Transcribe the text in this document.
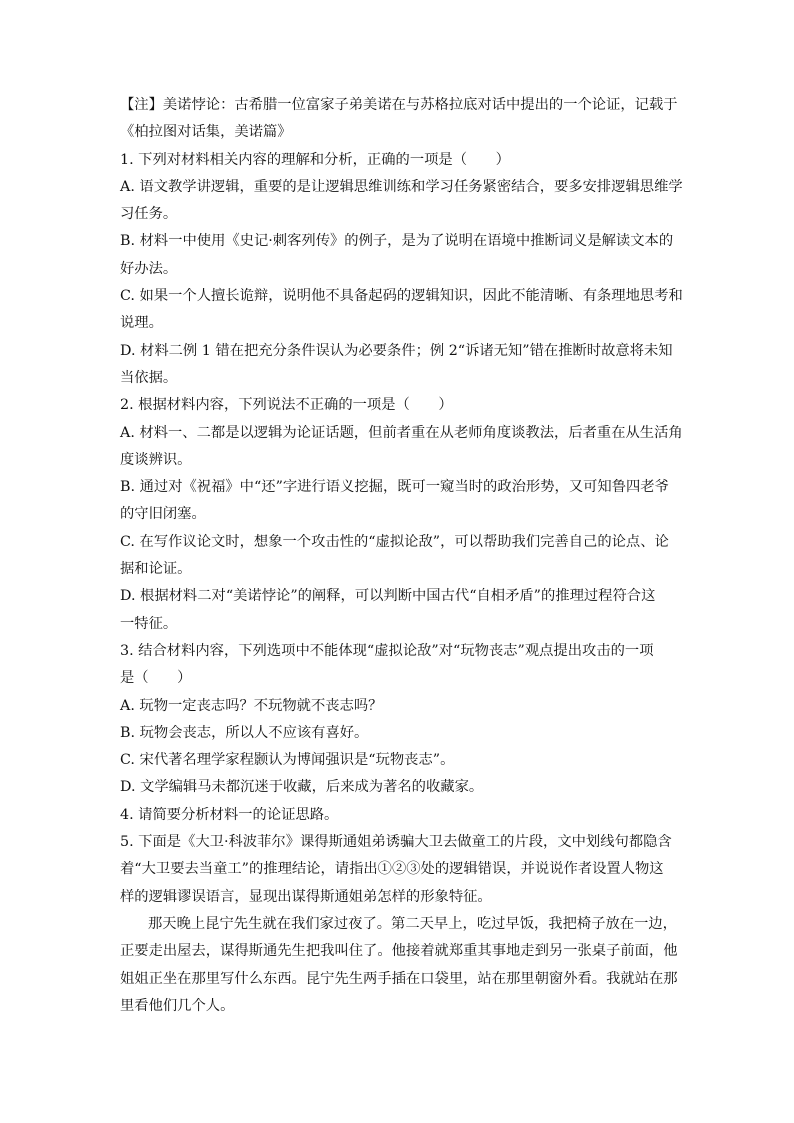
【注】美诺悖论：古希腊一位富家子弟美诺在与苏格拉底对话中提出的一个论证，记载于

《柏拉图对话集，美诺篇》

1. 下列对材料相关内容的理解和分析，正确的一项是（　　）

A. 语文教学讲逻辑，重要的是让逻辑思维训练和学习任务紧密结合，要多安排逻辑思维学

习任务。

B. 材料一中使用《史记·刺客列传》的例子，是为了说明在语境中推断词义是解读文本的

好办法。

C. 如果一个人擅长诡辩，说明他不具备起码的逻辑知识，因此不能清晰、有条理地思考和

说理。

D. 材料二例 1 错在把充分条件误认为必要条件；例 2“诉诸无知”错在推断时故意将未知

当依据。

2. 根据材料内容，下列说法不正确的一项是（　　）

A. 材料一、二都是以逻辑为论证话题，但前者重在从老师角度谈教法，后者重在从生活角

度谈辨识。

B. 通过对《祝福》中“还”字进行语义挖掘，既可一窥当时的政治形势，又可知鲁四老爷

的守旧闭塞。

C. 在写作议论文时，想象一个攻击性的“虚拟论敌”，可以帮助我们完善自己的论点、论

据和论证。

D. 根据材料二对“美诺悖论”的阐释，可以判断中国古代“自相矛盾”的推理过程符合这

一特征。

3. 结合材料内容，下列选项中不能体现“虚拟论敌”对“玩物丧志”观点提出攻击的一项

是（　　）

A. 玩物一定丧志吗？不玩物就不丧志吗？

B. 玩物会丧志，所以人不应该有喜好。

C. 宋代著名理学家程颢认为博闻强识是“玩物丧志”。

D. 文学编辑马未都沉迷于收藏，后来成为著名的收藏家。

4. 请简要分析材料一的论证思路。

5. 下面是《大卫·科波菲尔》课得斯通姐弟诱骗大卫去做童工的片段，文中划线句都隐含

着“大卫要去当童工”的推理结论，请指出①②③处的逻辑错误，并说说作者设置人物这

样的逻辑谬误语言，显现出谋得斯通姐弟怎样的形象特征。

那天晚上昆宁先生就在我们家过夜了。第二天早上，吃过早饭，我把椅子放在一边，

正要走出屋去，谋得斯通先生把我叫住了。他接着就郑重其事地走到另一张桌子前面，他

姐姐正坐在那里写什么东西。昆宁先生两手插在口袋里，站在那里朝窗外看。我就站在那

里看他们几个人。
